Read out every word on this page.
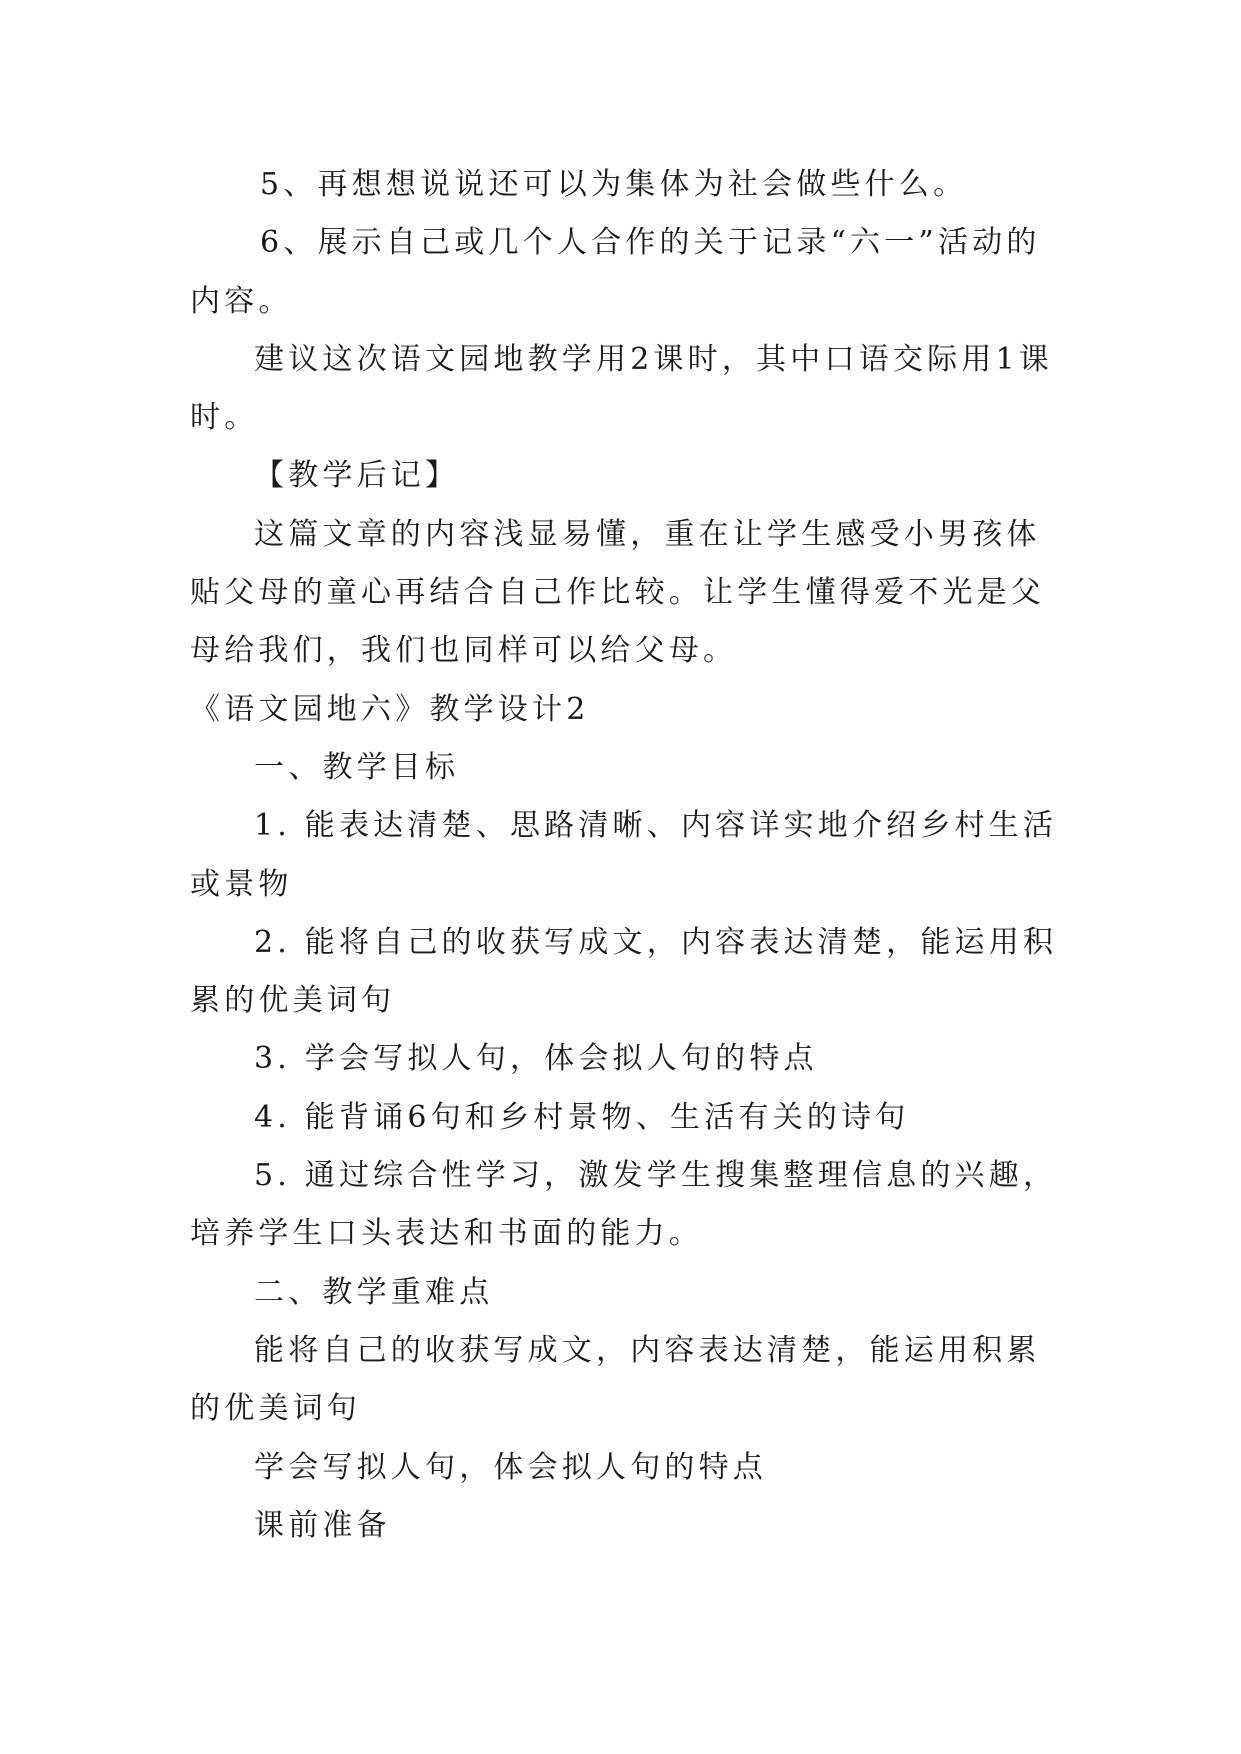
5、再想想说说还可以为集体为社会做些什么。

6、展示自己或几个人合作的关于记录“六一”活动的内容。

建议这次语文园地教学用2课时，其中口语交际用1课时。

【教学后记】

这篇文章的内容浅显易懂，重在让学生感受小男孩体贴父母的童心再结合自己作比较。让学生懂得爱不光是父母给我们，我们也同样可以给父母。

《语文园地六》教学设计2

一、教学目标

1. 能表达清楚、思路清晰、内容详实地介绍乡村生活或景物

2. 能将自己的收获写成文，内容表达清楚，能运用积累的优美词句

3. 学会写拟人句，体会拟人句的特点

4. 能背诵6句和乡村景物、生活有关的诗句

5. 通过综合性学习，激发学生搜集整理信息的兴趣，培养学生口头表达和书面的能力。

二、教学重难点

能将自己的收获写成文，内容表达清楚，能运用积累的优美词句

学会写拟人句，体会拟人句的特点

课前准备
